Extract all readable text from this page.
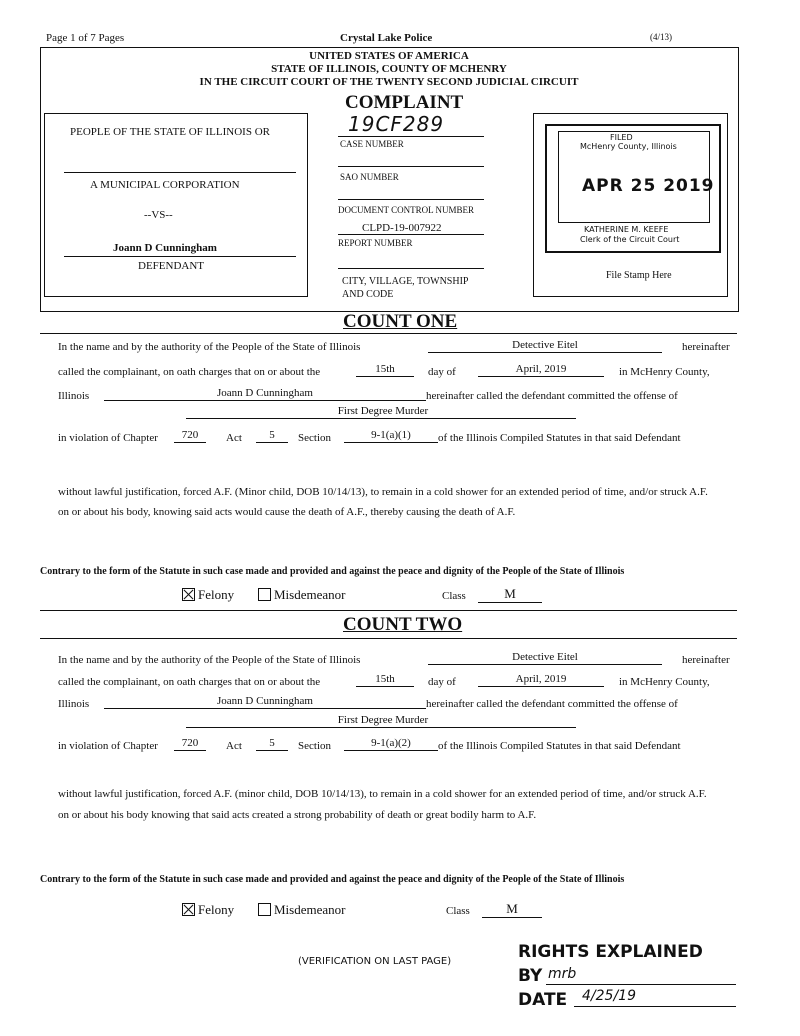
Page 1 of 7 Pages	Crystal Lake Police	(4/13)
UNITED STATES OF AMERICA
STATE OF ILLINOIS, COUNTY OF MCHENRY
IN THE CIRCUIT COURT OF THE TWENTY SECOND JUDICIAL CIRCUIT
COMPLAINT
PEOPLE OF THE STATE OF ILLINOIS OR
A MUNICIPAL CORPORATION
--VS--
Joann D Cunningham
DEFENDANT
19CF289
CASE NUMBER
SAO NUMBER
DOCUMENT CONTROL NUMBER
CLPD-19-007922
REPORT NUMBER
CITY, VILLAGE, TOWNSHIP
AND CODE
FILED
McHenry County, Illinois
APR 25 2019
KATHERINE M. KEEFE
Clerk of the Circuit Court
File Stamp Here
COUNT ONE
In the name and by the authority of the People of the State of Illinois	Detective Eitel	hereinafter
called the complainant, on oath charges that on or about the	15th	day of	April, 2019	in McHenry County,
Illinois	Joann D Cunningham	hereinafter called the defendant committed the offense of
First Degree Murder
in violation of Chapter	720	Act	5	Section	9-1(a)(1)	of the Illinois Compiled Statutes in that said Defendant
without lawful justification, forced A.F. (Minor child, DOB 10/14/13), to remain in a cold shower for an extended period of time, and/or struck A.F. on or about his body, knowing said acts would cause the death of A.F., thereby causing the death of A.F.
Contrary to the form of the Statute in such case made and provided and against the peace and dignity of the People of the State of Illinois
Felony	Misdemeanor	Class	M
COUNT TWO
In the name and by the authority of the People of the State of Illinois	Detective Eitel	hereinafter
called the complainant, on oath charges that on or about the	15th	day of	April, 2019	in McHenry County,
Illinois	Joann D Cunningham	hereinafter called the defendant committed the offense of
First Degree Murder
in violation of Chapter	720	Act	5	Section	9-1(a)(2)	of the Illinois Compiled Statutes in that said Defendant
without lawful justification, forced A.F. (minor child, DOB 10/14/13), to remain in a cold shower for an extended period of time, and/or struck A.F. on or about his body knowing that said acts created a strong probability of death or great bodily harm to A.F.
Contrary to the form of the Statute in such case made and provided and against the peace and dignity of the People of the State of Illinois
Felony	Misdemeanor	Class	M
(VERIFICATION ON LAST PAGE)	RIGHTS EXPLAINED
BY mrb
DATE 4/25/19
